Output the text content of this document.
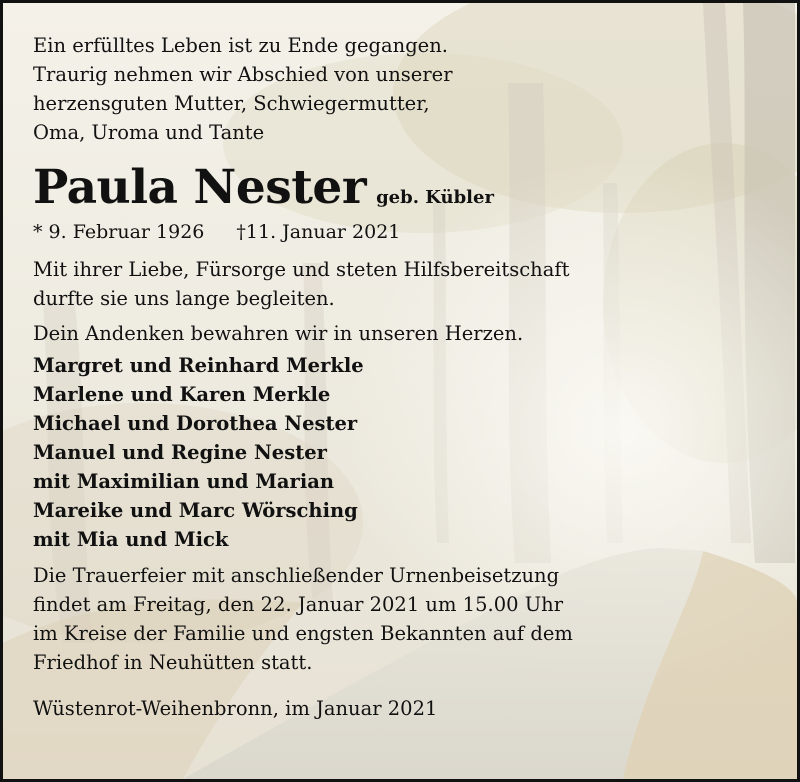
Ein erfülltes Leben ist zu Ende gegangen.

Traurig nehmen wir Abschied von unserer

herzensguten Mutter, Schwiegermutter,

Oma, Uroma und Tante

Paula Nester geb. Kübler
* 9. Februar 1926 †11. Januar 2021

Mit ihrer Liebe, Fürsorge und steten Hilfsbereitschaft

durfte sie uns lange begleiten.

Dein Andenken bewahren wir in unseren Herzen.

Margret und Reinhard Merkle
Marlene und Karen Merkle
Michael und Dorothea Nester
Manuel und Regine Nester
mit Maximilian und Marian
Mareike und Marc Wörsching
mit Mia und Mick

Die Trauerfeier mit anschließender Urnenbeisetzung

findet am Freitag, den 22. Januar 2021 um 15.00 Uhr

im Kreise der Familie und engsten Bekannten auf dem

Friedhof in Neuhütten statt.

Wüstenrot-Weihenbronn, im Januar 2021
